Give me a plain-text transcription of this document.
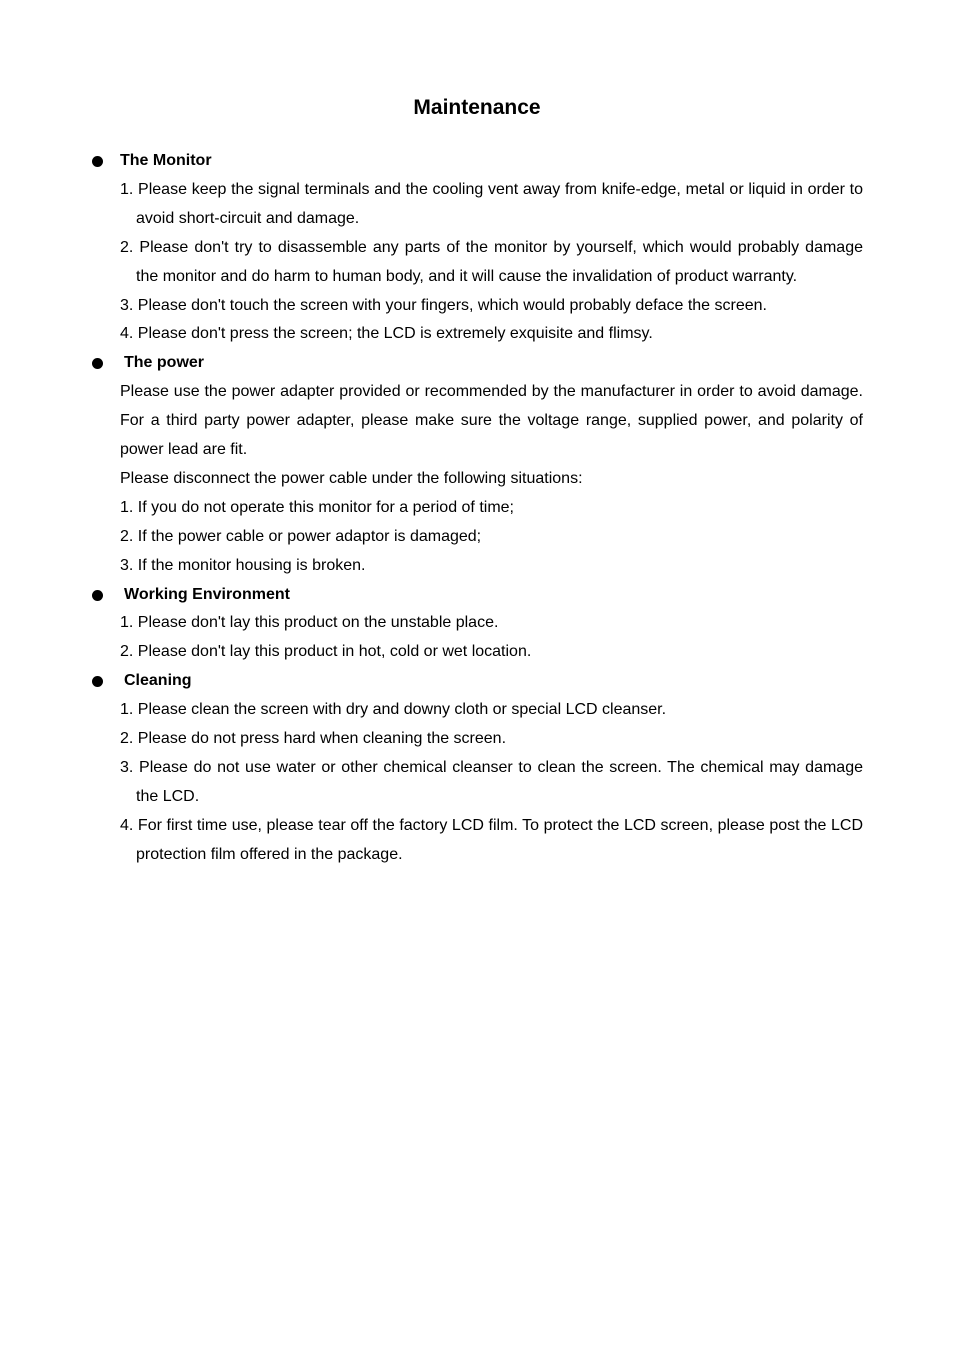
Maintenance
The Monitor
1. Please keep the signal terminals and the cooling vent away from knife-edge, metal or liquid in order to avoid short-circuit and damage.
2. Please don't try to disassemble any parts of the monitor by yourself, which would probably damage the monitor and do harm to human body, and it will cause the invalidation of product warranty.
3. Please don't touch the screen with your fingers, which would probably deface the screen.
4. Please don't press the screen; the LCD is extremely exquisite and flimsy.
The power
Please use the power adapter provided or recommended by the manufacturer in order to avoid damage. For a third party power adapter, please make sure the voltage range, supplied power, and polarity of power lead are fit.
Please disconnect the power cable under the following situations:
1. If you do not operate this monitor for a period of time;
2. If the power cable or power adaptor is damaged;
3. If the monitor housing is broken.
Working Environment
1. Please don't lay this product on the unstable place.
2. Please don't lay this product in hot, cold or wet location.
Cleaning
1. Please clean the screen with dry and downy cloth or special LCD cleanser.
2. Please do not press hard when cleaning the screen.
3. Please do not use water or other chemical cleanser to clean the screen. The chemical may damage the LCD.
4. For first time use, please tear off the factory LCD film. To protect the LCD screen, please post the LCD protection film offered in the package.
